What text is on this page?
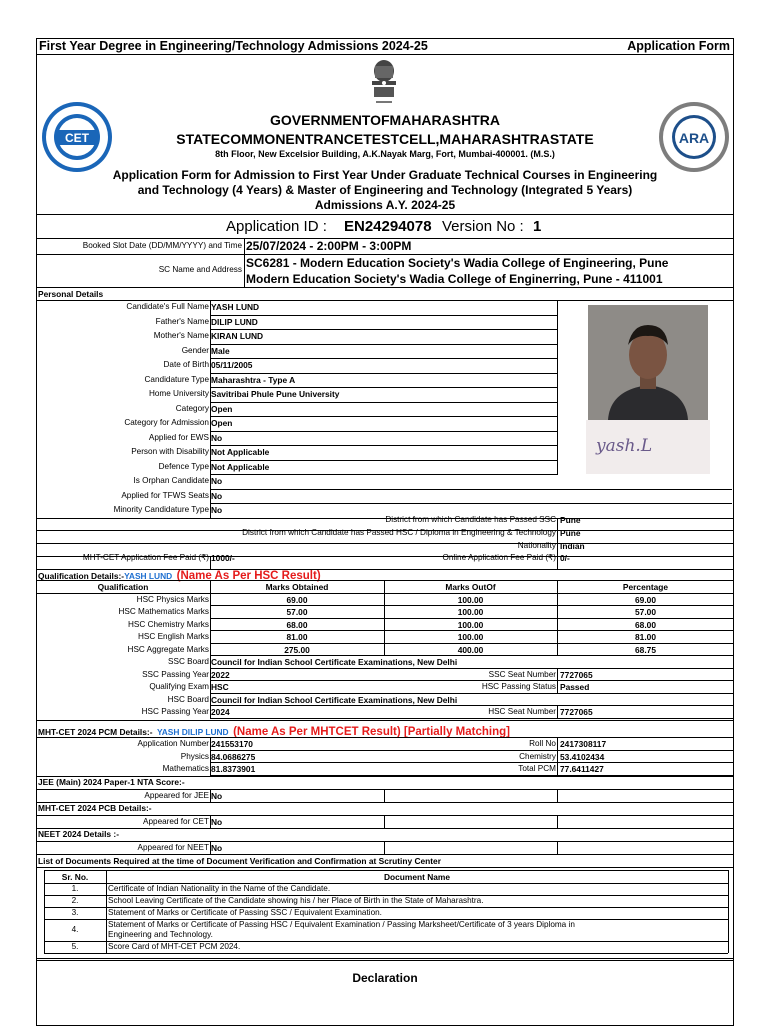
First Year Degree in Engineering/Technology Admissions 2024-25	Application Form
CET	ARA
GOVERNMENTOFMAHARASHTRA
STATECOMMONENTRANCETESTCELL,MAHARASHTRASTATE
8th Floor, New Excelsior Building, A.K.Nayak Marg, Fort, Mumbai-400001. (M.S.)
Application Form for Admission to First Year Under Graduate Technical Courses in Engineering
and Technology (4 Years) & Master of Engineering and Technology (Integrated 5 Years)
Admissions A.Y. 2024-25
Application ID : EN24294078 Version No : 1
Booked Slot Date (DD/MM/YYYY) and Time 25/07/2024 - 2:00PM - 3:00PM
SC Name and Address SC6281 - Modern Education Society's Wadia College of Engineering, Pune
Modern Education Society's Wadia College of Enginerring, Pune - 411001
Personal Details
Candidate's Full Name YASH LUND
Father's Name DILIP LUND
Mother's Name KIRAN LUND
Gender Male
Date of Birth 05/11/2005
Candidature Type Maharashtra - Type A
Home University Savitribai Phule Pune University
Category Open
Category for Admission Open
Applied for EWS No
Person with Disability Not Applicable
Defence Type Not Applicable
Is Orphan Candidate No
Applied for TFWS Seats No
Minority Candidature Type No
yash.L
District from which Candidate has Passed SSC Pune
District from which Candidate has Passed HSC / Diploma in Engineering & Technology Pune
Nationality Indian
MHT-CET Application Fee Paid (₹) 1000/-	Online Application Fee Paid (₹) 0/-
Qualification Details:-YASH LUND (Name As Per HSC Result)
Qualification	Marks Obtained	Marks OutOf	Percentage
HSC Physics Marks	69.00	100.00	69.00
HSC Mathematics Marks	57.00	100.00	57.00
HSC Chemistry Marks	68.00	100.00	68.00
HSC English Marks	81.00	100.00	81.00
HSC Aggregate Marks	275.00	400.00	68.75
SSC Board Council for Indian School Certificate Examinations, New Delhi
SSC Passing Year 2022	SSC Seat Number 7727065
Qualifying Exam HSC	HSC Passing Status Passed
HSC Board Council for Indian School Certificate Examinations, New Delhi
HSC Passing Year 2024	HSC Seat Number 7727065
MHT-CET 2024 PCM Details:- YASH DILIP LUND (Name As Per MHTCET Result) [Partially Matching]
Application Number 241553170	Roll No 2417308117
Physics 84.0686275	Chemistry 53.4102434
Mathematics 81.8373901	Total PCM 77.6411427
JEE (Main) 2024 Paper-1 NTA Score:-
Appeared for JEE No
MHT-CET 2024 PCB Details:-
Appeared for CET No
NEET 2024 Details :-
Appeared for NEET No
List of Documents Required at the time of Document Verification and Confirmation at Scrutiny Center
Sr. No.	Document Name
1.	Certificate of Indian Nationality in the Name of the Candidate.
2.	School Leaving Certificate of the Candidate showing his / her Place of Birth in the State of Maharashtra.
3.	Statement of Marks or Certificate of Passing SSC / Equivalent Examination.
4.	Statement of Marks or Certificate of Passing HSC / Equivalent Examination / Passing Marksheet/Certificate of 3 years Diploma in
Engineering and Technology.
5.	Score Card of MHT-CET PCM 2024.
Declaration
